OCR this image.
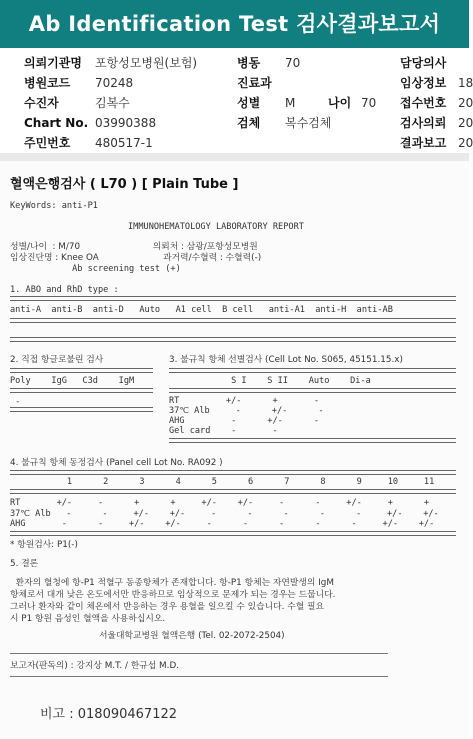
Ab Identification Test 검사결과보고서
의뢰기관명 포항성모병원(보험)	병동 70	담당의사
병원코드 70248	진료과	임상정보 18
수진자	김복수	성별 M	나이 70 접수번호 20
Chart No. 03990388	검체 복수검체	검사의뢰 20
주민번호 480517-1	결과보고 20
혈액은행검사 ( L70 ) [ Plain Tube ]
KeyWords: anti-P1
IMMUNOHEMATOLOGY LABORATORY REPORT
성별/나이  : M/70                          의뢰처 : 삼광/포항성모병원
임상진단명 : Knee OA                       과거력/수혈력 : 수혈력(-)
Ab screening test (+)
1. ABO and RhD type :
anti-A  anti-B  anti-D   Auto   A1 cell  B cell   anti-A1  anti-H  anti-AB
2. 직접 항글로불린 검사
Poly    IgG   C3d    IgM
-
3. 불규칙 항체 선별검사 (Cell Lot No. S065, 45151.15.x)
S I    S II    Auto    Di-a
RT         +/-      +       -
37℃ Alb     -      +/-      -
AHG         -      +/-      -
Gel card    -       -
4. 불규칙 항체 동정검사 (Panel cell Lot No. RA092 )
1      2      3      4      5      6      7      8      9     10     11
RT       +/-     -      +      +     +/-    +/-     -      -     +/-     +      +
37℃ Alb   -      -     +/-    +/-     -      -      -      -      -     +/-    +/-
AHG       -      -     +/-    +/-     -      -      -      -      -     +/-    +/-
* 항원검사: P1(-)
5. 결론
환자의 혈청에 항-P1 적혈구 동종항체가 존재합니다. 항-P1 항체는 자연발생의 IgM
항체로서 대개 낮은 온도에서만 반응하므로 임상적으로 문제가 되는 경우는 드뭅니다.
그러나 환자와 같이 체온에서 반응하는 경우 용혈을 일으킬 수 있습니다. 수혈 필요
시 P1 항원 음성인 혈액을 사용하십시오.
서울대학교병원 혈액은행 (Tel. 02-2072-2504)
보고자(판독의) : 강지상 M.T. / 한규섭 M.D.
비고 : 018090467122
